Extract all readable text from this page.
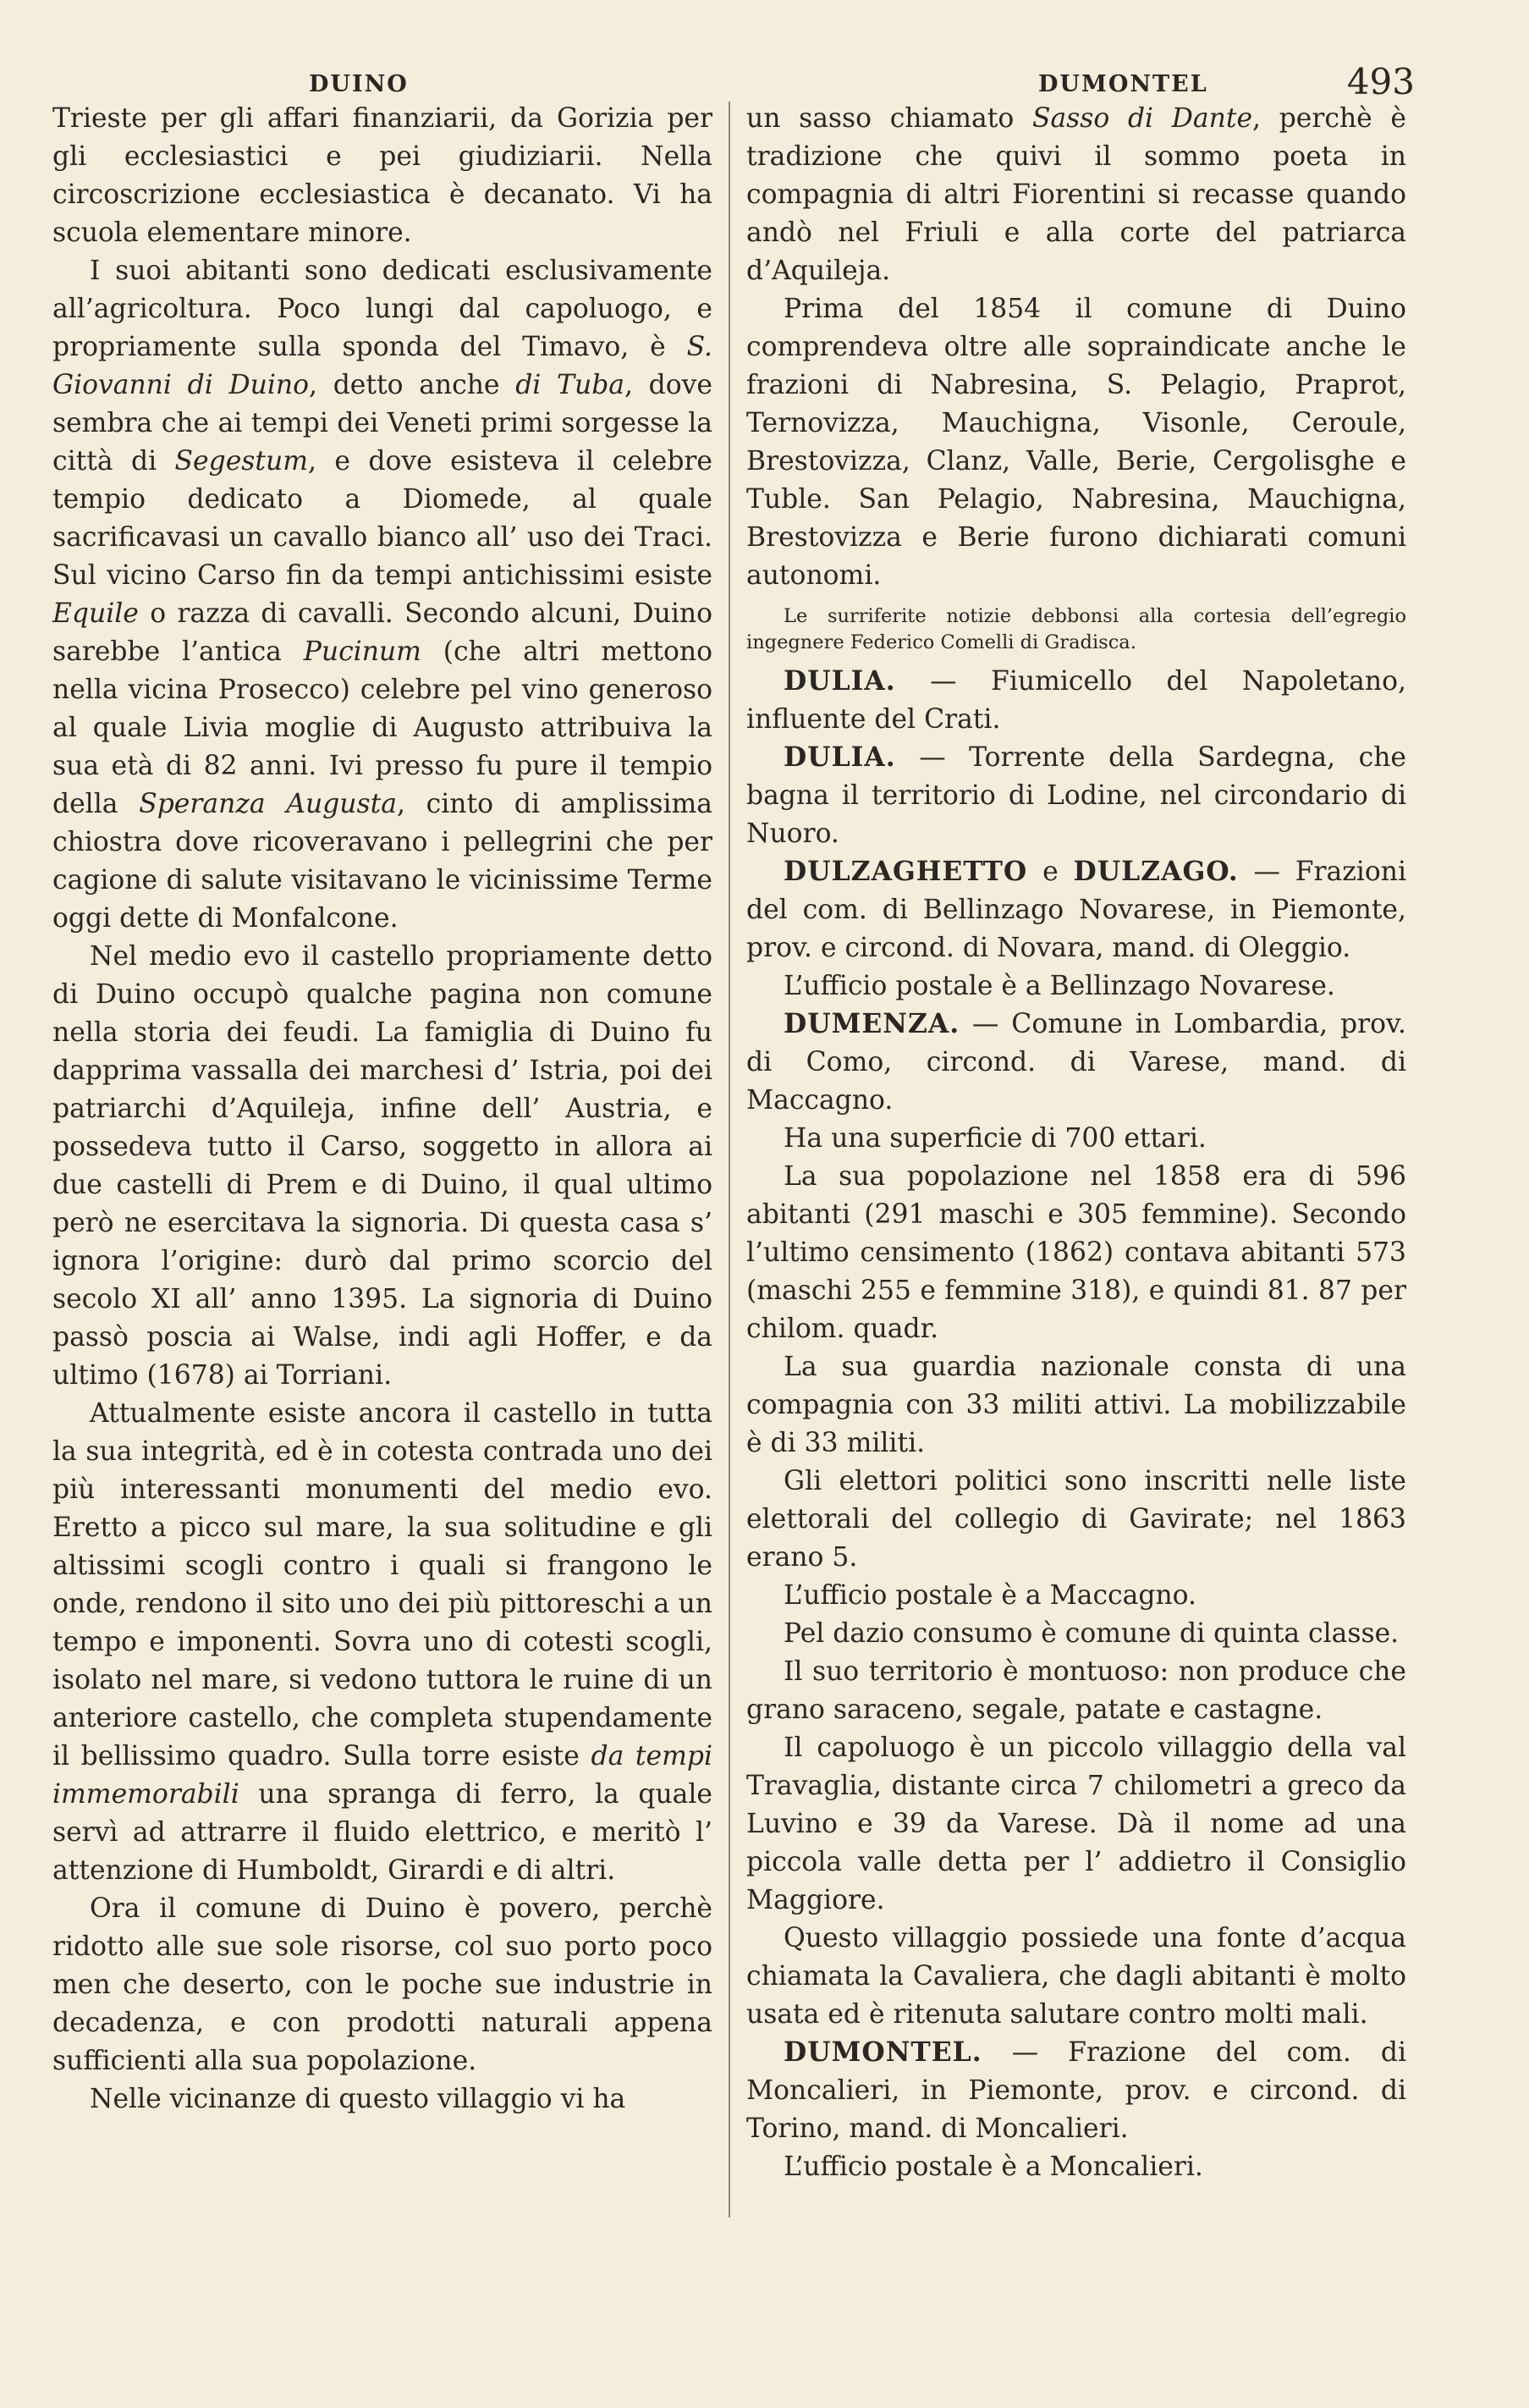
DUINO	DUMONTEL	493

Trieste per gli affari finanziarii, da Gorizia per gli ecclesiastici e pei giudiziarii. Nella circoscrizione ecclesiastica è decanato. Vi ha scuola elementare minore.

I suoi abitanti sono dedicati esclusivamente all’agricoltura. Poco lungi dal capoluogo, e propriamente sulla sponda del Timavo, è S. Giovanni di Duino, detto anche di Tuba, dove sembra che ai tempi dei Veneti primi sorgesse la città di Segestum, e dove esisteva il celebre tempio dedicato a Diomede, al quale sacrificavasi un cavallo bianco all’ uso dei Traci. Sul vicino Carso fin da tempi antichissimi esiste Equile o razza di cavalli. Secondo alcuni, Duino sarebbe l’antica Pucinum (che altri mettono nella vicina Prosecco) celebre pel vino generoso al quale Livia moglie di Augusto attribuiva la sua età di 82 anni. Ivi presso fu pure il tempio della Speranza Augusta, cinto di amplissima chiostra dove ricoveravano i pellegrini che per cagione di salute visitavano le vicinissime Terme oggi dette di Monfalcone.

Nel medio evo il castello propriamente detto di Duino occupò qualche pagina non comune nella storia dei feudi. La famiglia di Duino fu dapprima vassalla dei marchesi d’ Istria, poi dei patriarchi d’Aquileja, infine dell’ Austria, e possedeva tutto il Carso, soggetto in allora ai due castelli di Prem e di Duino, il qual ultimo però ne esercitava la signoria. Di questa casa s’ ignora l’origine: durò dal primo scorcio del secolo XI all’ anno 1395. La signoria di Duino passò poscia ai Walse, indi agli Hoffer, e da ultimo (1678) ai Torriani.

Attualmente esiste ancora il castello in tutta la sua integrità, ed è in cotesta contrada uno dei più interessanti monumenti del medio evo. Eretto a picco sul mare, la sua solitudine e gli altissimi scogli contro i quali si frangono le onde, rendono il sito uno dei più pittoreschi a un tempo e imponenti. Sovra uno di cotesti scogli, isolato nel mare, si vedono tuttora le ruine di un anteriore castello, che completa stupendamente il bellissimo quadro. Sulla torre esiste da tempi immemorabili una spranga di ferro, la quale servì ad attrarre il fluido elettrico, e meritò l’ attenzione di Humboldt, Girardi e di altri.

Ora il comune di Duino è povero, perchè ridotto alle sue sole risorse, col suo porto poco men che deserto, con le poche sue industrie in decadenza, e con prodotti naturali appena sufficienti alla sua popolazione.

Nelle vicinanze di questo villaggio vi ha

un sasso chiamato Sasso di Dante, perchè è tradizione che quivi il sommo poeta in compagnia di altri Fiorentini si recasse quando andò nel Friuli e alla corte del patriarca d’Aquileja.

Prima del 1854 il comune di Duino comprendeva oltre alle sopraindicate anche le frazioni di Nabresina, S. Pelagio, Praprot, Ternovizza, Mauchigna, Visonle, Ceroule, Brestovizza, Clanz, Valle, Berie, Cergolisghe e Tuble. San Pelagio, Nabresina, Mauchigna, Brestovizza e Berie furono dichiarati comuni autonomi.

Le surriferite notizie debbonsi alla cortesia dell’egregio ingegnere Federico Comelli di Gradisca.

DULIA. — Fiumicello del Napoletano, influente del Crati.

DULIA. — Torrente della Sardegna, che bagna il territorio di Lodine, nel circondario di Nuoro.

DULZAGHETTO e DULZAGO. — Frazioni del com. di Bellinzago Novarese, in Piemonte, prov. e circond. di Novara, mand. di Oleggio.

L’ufficio postale è a Bellinzago Novarese.

DUMENZA. — Comune in Lombardia, prov. di Como, circond. di Varese, mand. di Maccagno.

Ha una superficie di 700 ettari.

La sua popolazione nel 1858 era di 596 abitanti (291 maschi e 305 femmine). Secondo l’ultimo censimento (1862) contava abitanti 573 (maschi 255 e femmine 318), e quindi 81. 87 per chilom. quadr.

La sua guardia nazionale consta di una compagnia con 33 militi attivi. La mobilizzabile è di 33 militi.

Gli elettori politici sono inscritti nelle liste elettorali del collegio di Gavirate; nel 1863 erano 5.

L’ufficio postale è a Maccagno.

Pel dazio consumo è comune di quinta classe.

Il suo territorio è montuoso: non produce che grano saraceno, segale, patate e castagne.

Il capoluogo è un piccolo villaggio della val Travaglia, distante circa 7 chilometri a greco da Luvino e 39 da Varese. Dà il nome ad una piccola valle detta per l’ addietro il Consiglio Maggiore.

Questo villaggio possiede una fonte d’acqua chiamata la Cavaliera, che dagli abitanti è molto usata ed è ritenuta salutare contro molti mali.

DUMONTEL. — Frazione del com. di Moncalieri, in Piemonte, prov. e circond. di Torino, mand. di Moncalieri.

L’ufficio postale è a Moncalieri.
